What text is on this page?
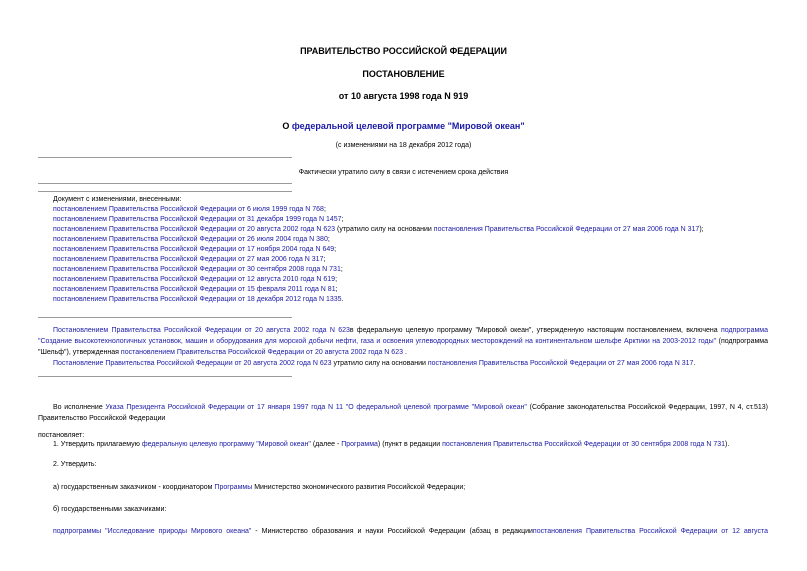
ПРАВИТЕЛЬСТВО РОССИЙСКОЙ ФЕДЕРАЦИИ
ПОСТАНОВЛЕНИЕ
от 10 августа 1998 года N 919
О федеральной целевой программе "Мировой океан"
(с изменениями на 18 декабря 2012 года)
Фактически утратило силу в связи с истечением срока действия
Документ с изменениями, внесенными:
постановлением Правительства Российской Федерации от 6 июля 1999 года N 768;
постановлением Правительства Российской Федерации от 31 декабря 1999 года N 1457;
постановлением Правительства Российской Федерации от 20 августа 2002 года N 623 (утратило силу на основании постановления Правительства Российской Федерации от 27 мая 2006 года N 317);
постановлением Правительства Российской Федерации от 26 июля 2004 года N 380;
постановлением Правительства Российской Федерации от 17 ноября 2004 года N 649;
постановлением Правительства Российской Федерации от 27 мая 2006 года N 317;
постановлением Правительства Российской Федерации от 30 сентября 2008 года N 731;
постановлением Правительства Российской Федерации от 12 августа 2010 года N 619;
постановлением Правительства Российской Федерации от 15 февраля 2011 года N 81;
постановлением Правительства Российской Федерации от 18 декабря 2012 года N 1335.
Постановлением Правительства Российской Федерации от 20 августа 2002 года N 623в федеральную целевую программу "Мировой океан", утвержденную настоящим постановлением, включена подпрограмма "Создание высокотехнологичных установок, машин и оборудования для морской добычи нефти, газа и освоения углеводородных месторождений на континентальном шельфе Арктики на 2003-2012 годы" (подпрограмма "Шельф"), утвержденная постановлением Правительства Российской Федерации от 20 августа 2002 года N 623 .
Постановление Правительства Российской Федерации от 20 августа 2002 года N 623 утратило силу на основании постановления Правительства Российской Федерации от 27 мая 2006 года N 317.
Во исполнение Указа Президента Российской Федерации от 17 января 1997 года N 11 "О федеральной целевой программе "Мировой океан" (Собрание законодательства Российской Федерации, 1997, N 4, ст.513) Правительство Российской Федерации
постановляет:
1. Утвердить прилагаемую федеральную целевую программу "Мировой океан" (далее - Программа) (пункт в редакции постановления Правительства Российской Федерации от 30 сентября 2008 года N 731).
2. Утвердить:
а) государственным заказчиком - координатором Программы Министерство экономического развития Российской Федерации;
б) государственными заказчиками:
подпрограммы "Исследование природы Мирового океана" - Министерство образования и науки Российской Федерации (абзац в редакциипостановления Правительства Российской Федерации от 12 августа
